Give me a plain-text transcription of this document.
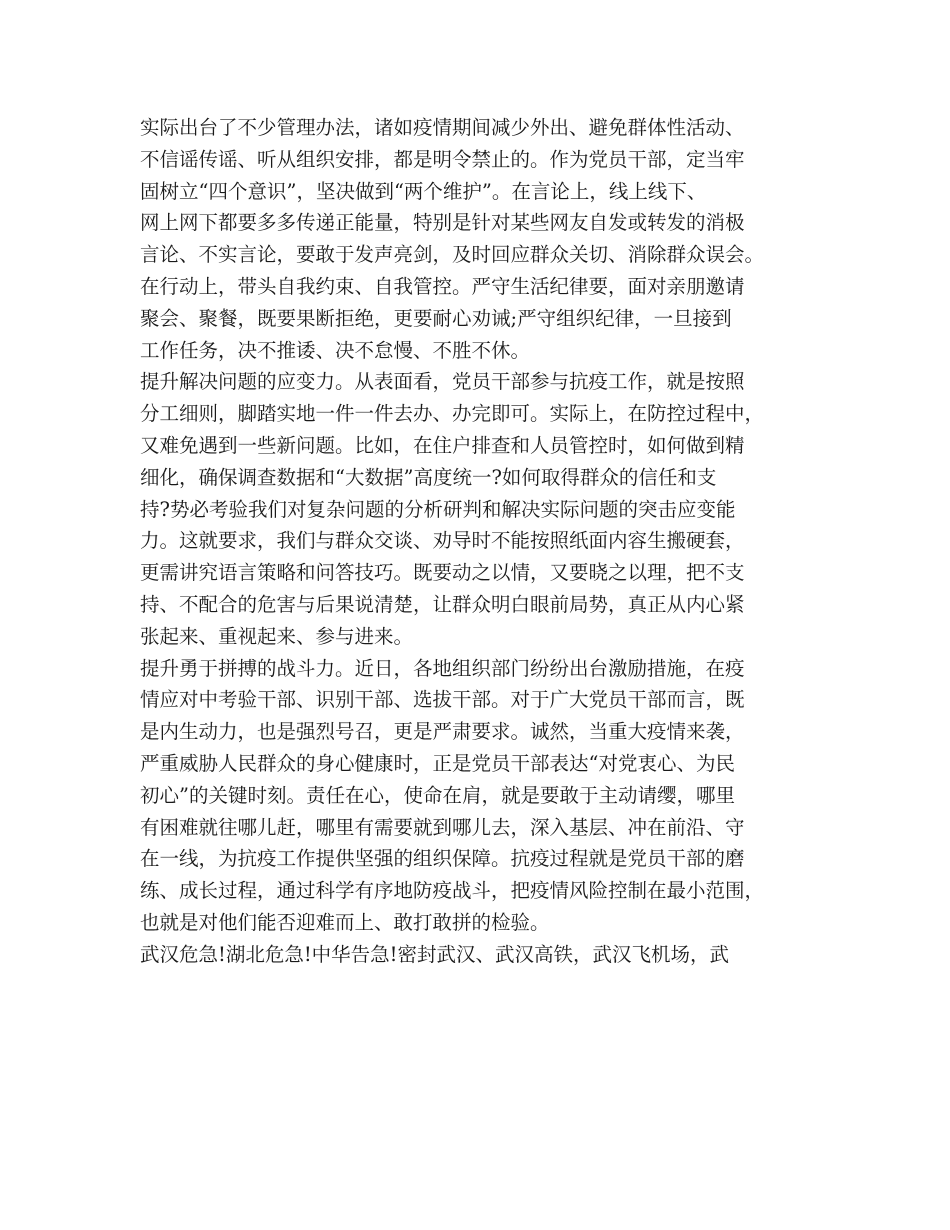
实际出台了不少管理办法，诸如疫情期间减少外出、避免群体性活动、
不信谣传谣、听从组织安排，都是明令禁止的。作为党员干部，定当牢
固树立“四个意识”，坚决做到“两个维护”。在言论上，线上线下、
网上网下都要多多传递正能量，特别是针对某些网友自发或转发的消极
言论、不实言论，要敢于发声亮剑，及时回应群众关切、消除群众误会。
在行动上，带头自我约束、自我管控。严守生活纪律要，面对亲朋邀请
聚会、聚餐，既要果断拒绝，更要耐心劝诫;严守组织纪律，一旦接到
工作任务，决不推诿、决不怠慢、不胜不休。
提升解决问题的应变力。从表面看，党员干部参与抗疫工作，就是按照
分工细则，脚踏实地一件一件去办、办完即可。实际上，在防控过程中，
又难免遇到一些新问题。比如，在住户排查和人员管控时，如何做到精
细化，确保调查数据和“大数据”高度统一?如何取得群众的信任和支
持?势必考验我们对复杂问题的分析研判和解决实际问题的突击应变能
力。这就要求，我们与群众交谈、劝导时不能按照纸面内容生搬硬套，
更需讲究语言策略和问答技巧。既要动之以情，又要晓之以理，把不支
持、不配合的危害与后果说清楚，让群众明白眼前局势，真正从内心紧
张起来、重视起来、参与进来。
提升勇于拼搏的战斗力。近日，各地组织部门纷纷出台激励措施，在疫
情应对中考验干部、识别干部、选拔干部。对于广大党员干部而言，既
是内生动力，也是强烈号召，更是严肃要求。诚然，当重大疫情来袭，
严重威胁人民群众的身心健康时，正是党员干部表达“对党衷心、为民
初心”的关键时刻。责任在心，使命在肩，就是要敢于主动请缨，哪里
有困难就往哪儿赶，哪里有需要就到哪儿去，深入基层、冲在前沿、守
在一线，为抗疫工作提供坚强的组织保障。抗疫过程就是党员干部的磨
练、成长过程，通过科学有序地防疫战斗，把疫情风险控制在最小范围，
也就是对他们能否迎难而上、敢打敢拼的检验。
武汉危急!湖北危急!中华告急!密封武汉、武汉高铁，武汉飞机场，武
